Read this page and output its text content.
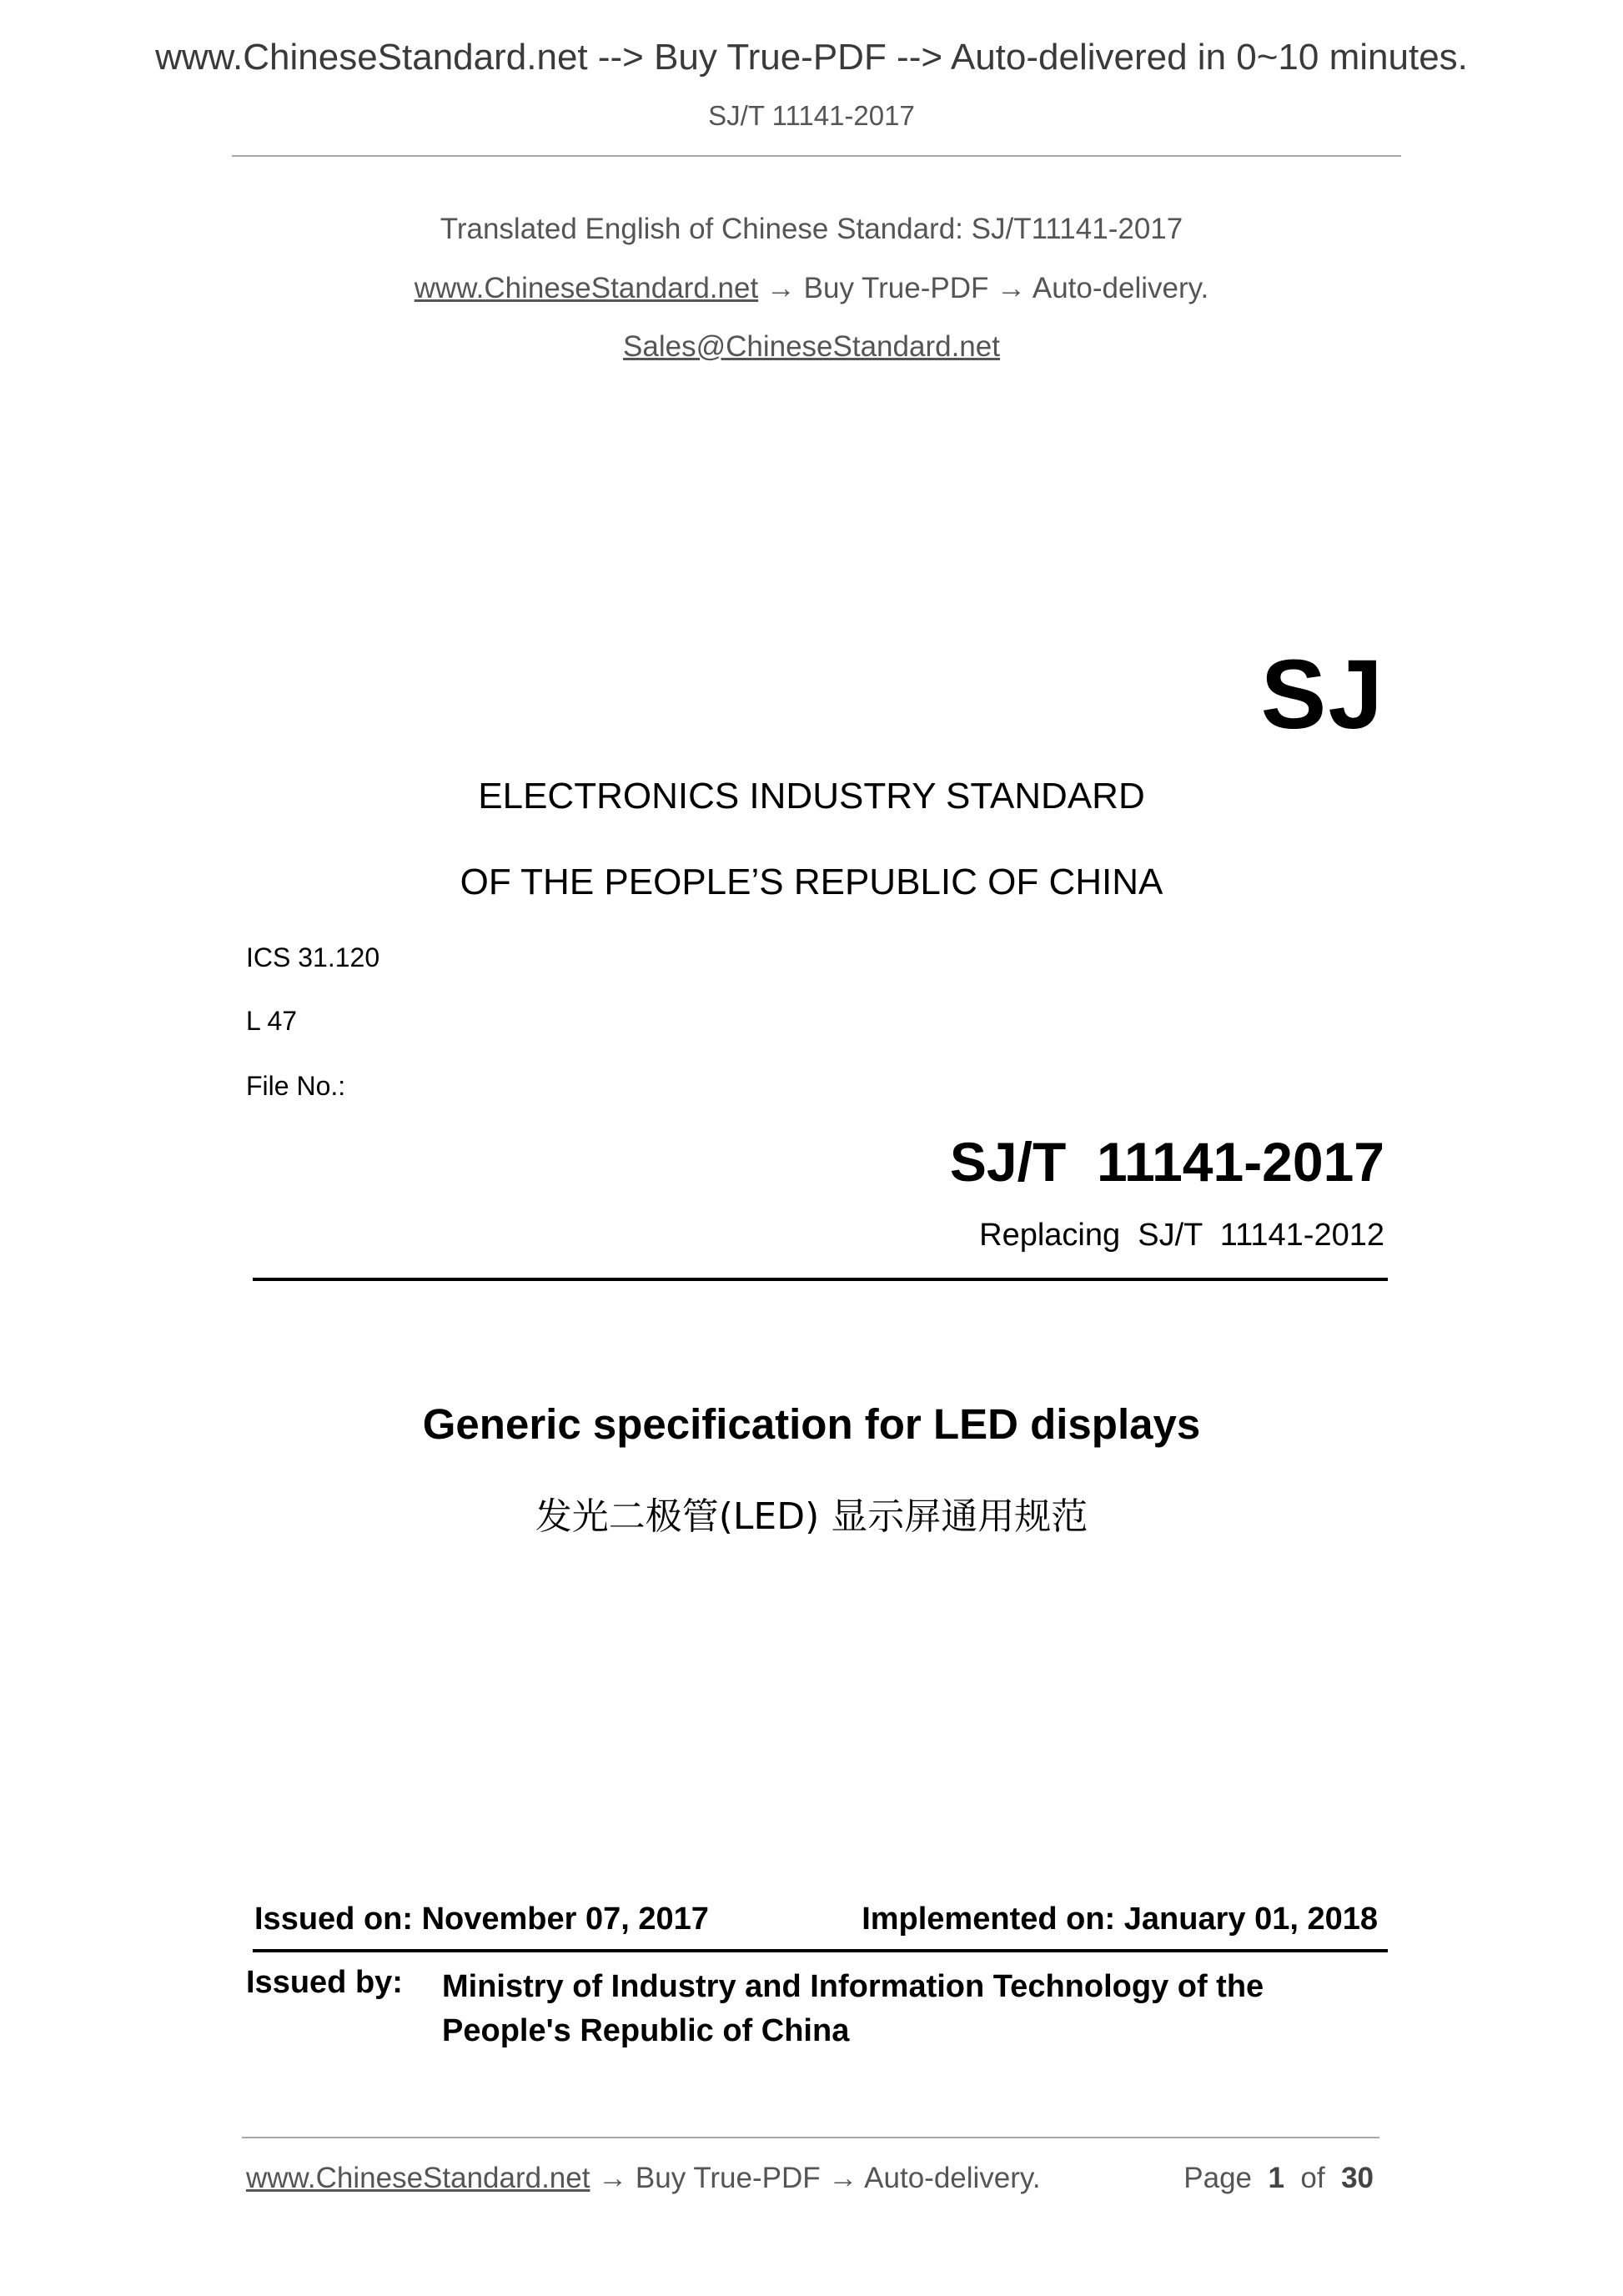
www.ChineseStandard.net --> Buy True-PDF --> Auto-delivered in 0~10 minutes.
SJ/T 11141-2017
Translated English of Chinese Standard: SJ/T11141-2017
www.ChineseStandard.net → Buy True-PDF → Auto-delivery.
Sales@ChineseStandard.net
SJ
ELECTRONICS INDUSTRY STANDARD
OF THE PEOPLE’S REPUBLIC OF CHINA
ICS 31.120
L 47
File No.:
SJ/T  11141-2017
Replacing  SJ/T  11141-2012
Generic specification for LED displays
发光二极管(LED) 显示屏通用规范
Issued on: November 07, 2017	Implemented on: January 01, 2018
Issued by: Ministry of Industry and Information Technology of the
People's Republic of China
www.ChineseStandard.net → Buy True-PDF → Auto-delivery.	Page 1 of 30
